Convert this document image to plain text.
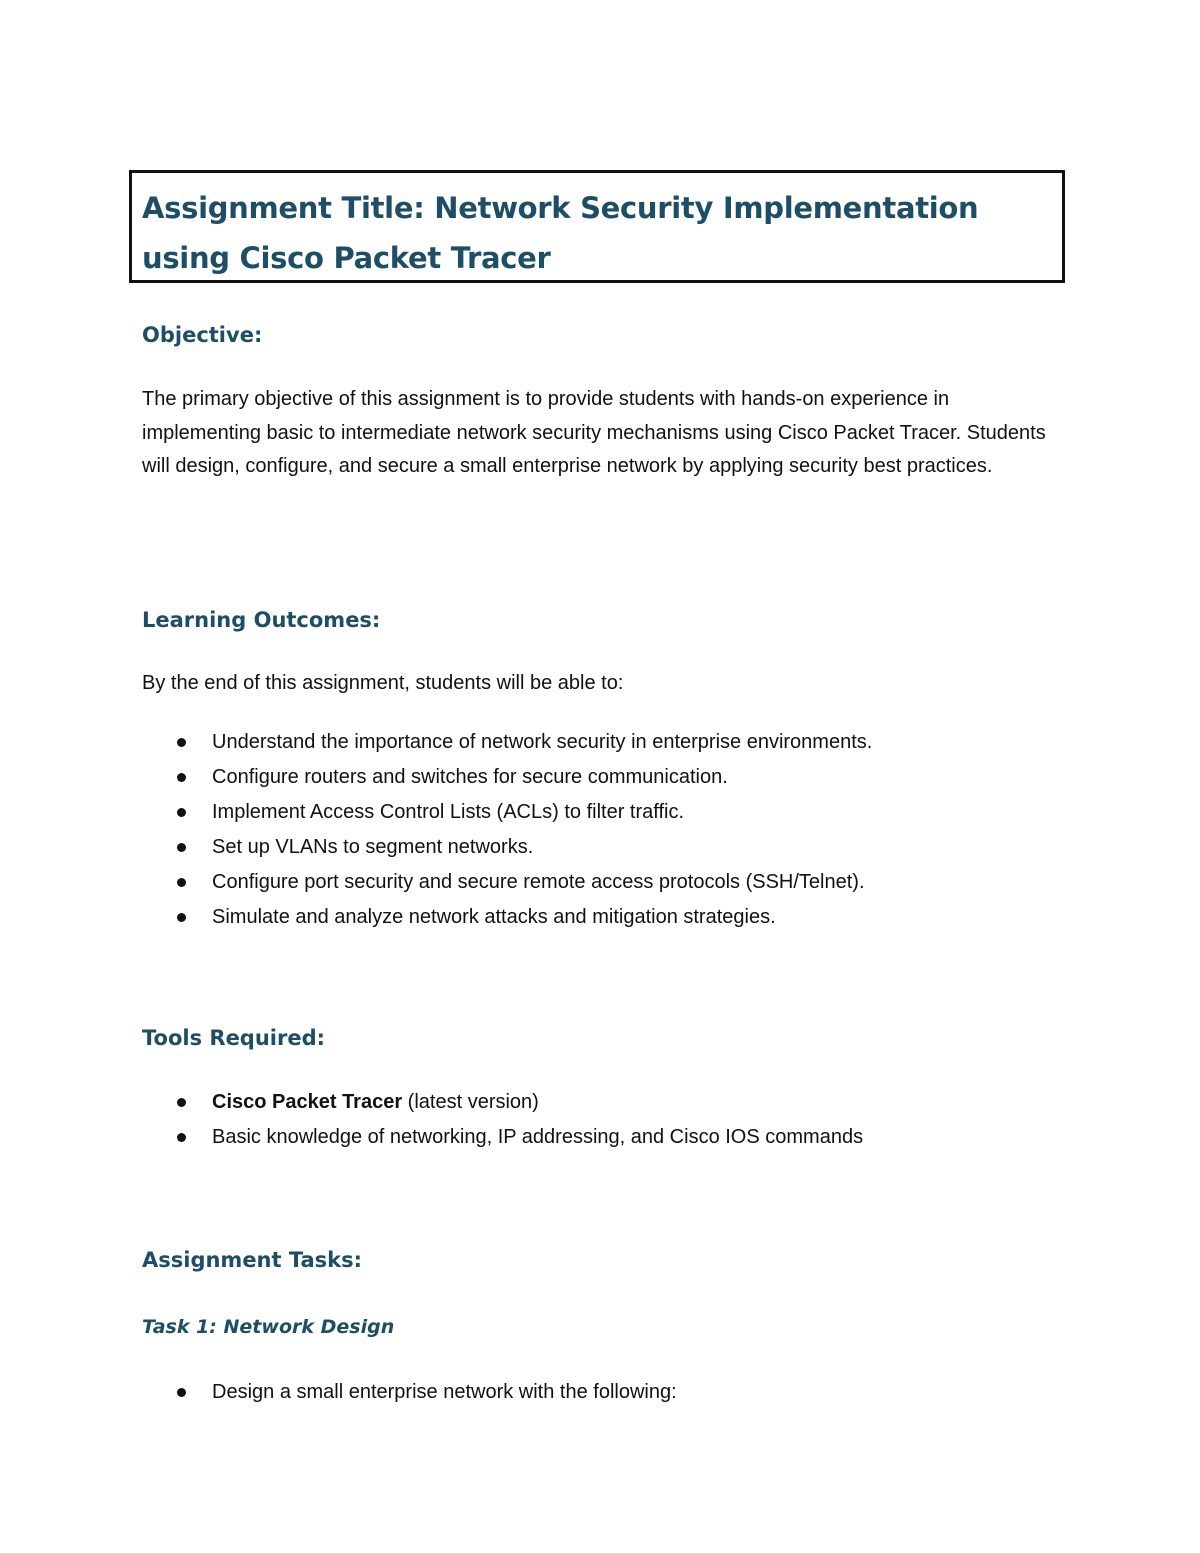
Assignment Title: Network Security Implementation
using Cisco Packet Tracer
Objective:

The primary objective of this assignment is to provide students with hands-on experience in implementing basic to intermediate network security mechanisms using Cisco Packet Tracer. Students will design, configure, and secure a small enterprise network by applying security best practices.

Learning Outcomes:

By the end of this assignment, students will be able to:

Understand the importance of network security in enterprise environments.
Configure routers and switches for secure communication.
Implement Access Control Lists (ACLs) to filter traffic.
Set up VLANs to segment networks.
Configure port security and secure remote access protocols (SSH/Telnet).
Simulate and analyze network attacks and mitigation strategies.
Tools Required:
Cisco Packet Tracer (latest version)
Basic knowledge of networking, IP addressing, and Cisco IOS commands
Assignment Tasks:
Task 1: Network Design
Design a small enterprise network with the following:
